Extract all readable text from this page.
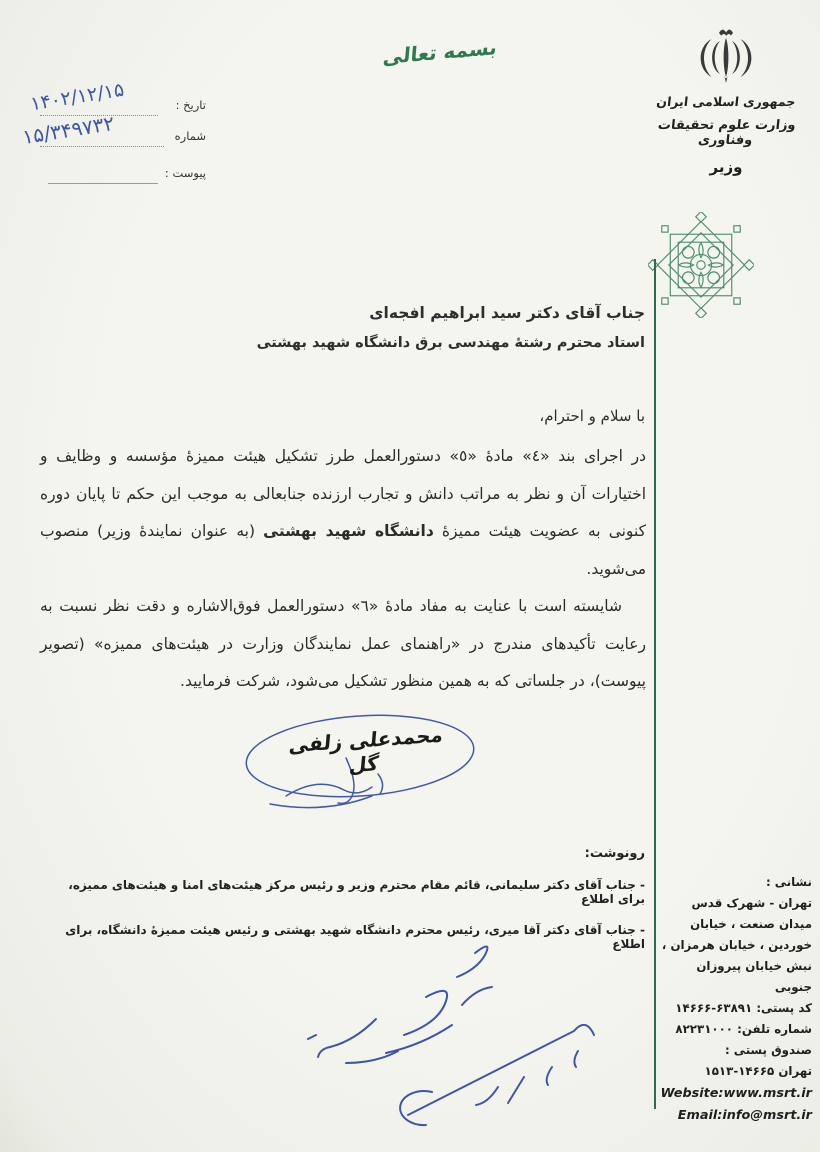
بسمه تعالی
جمهوری اسلامی ایران
وزارت علوم تحقیقات وفناوری
وزیر
تاریخ :
۱۴۰۲/۱۲/۱۵
شماره
۱۵/۳۴۹۷۳۲
پیوست :
جناب آقای دکتر سید ابراهیم افجه‌ای
استاد محترم رشتهٔ مهندسی برق دانشگاه شهید بهشتی
با سلام و احترام،

در اجرای بند «٤» مادهٔ «٥» دستورالعمل طرز تشکیل هیئت ممیزهٔ مؤسسه و وظایف و اختیارات آن و نظر به مراتب دانش و تجارب ارزنده جنابعالی به موجب این حکم تا پایان دوره کنونی به عضویت هیئت ممیزهٔ دانشگاه شهید بهشتی (به عنوان نمایندهٔ وزیر) منصوب می‌شوید.

شایسته است با عنایت به مفاد مادهٔ «٦» دستورالعمل فوق‌الاشاره و دقت نظر نسبت به رعایت تأکیدهای مندرج در «راهنمای عمل نمایندگان وزارت در هیئت‌های ممیزه» (تصویر پیوست)، در جلساتی که به همین منظور تشکیل می‌شود، شرکت فرمایید.

محمدعلی زلفی گل
رونوشت:
- جناب آقای دکتر سلیمانی، قائم مقام محترم وزیر و رئیس مرکز هیئت‌های امنا و هیئت‌های ممیزه، برای اطلاع
- جناب آقای دکتر آقا میری، رئیس محترم دانشگاه شهید بهشتی و رئیس هیئت ممیزهٔ دانشگاه، برای اطلاع
نشانی :
تهران - شهرک قدس
میدان صنعت ، خیابان
خوردین ، خیابان هرمزان ،
نبش خیابان پیروزان جنوبی
کد پستی: ۱۴۶۶۶-۶۳۸۹۱
شماره تلفن: ۸۲۲۳۱۰۰۰
صندوق پستی :
تهران ۱۵۱۳-۱۴۶۶۵
Website:www.msrt.ir
Email:info@msrt.ir
